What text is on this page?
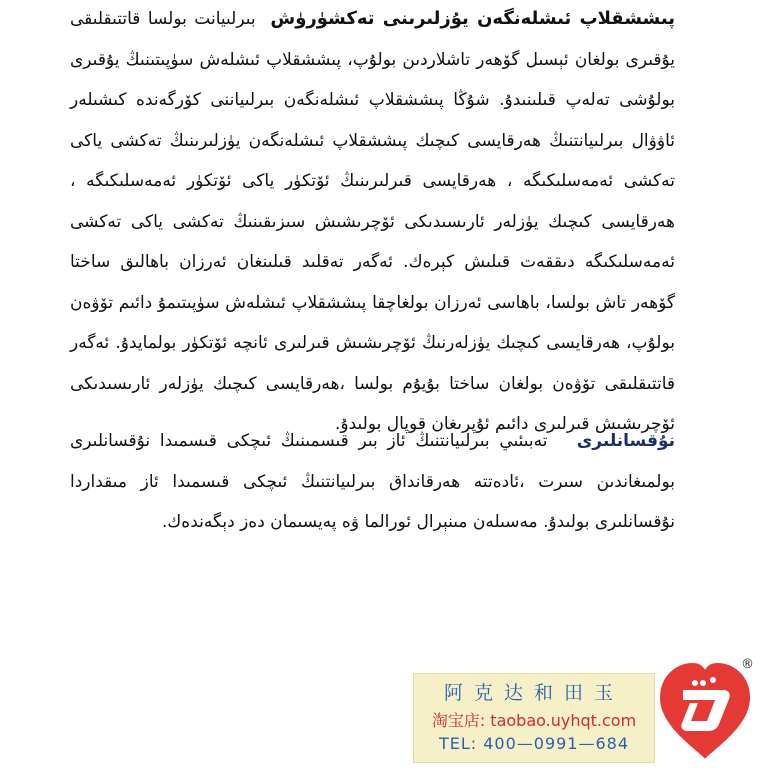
پىششقلاپ ئىشلەنگەن يۇزلىرىنى تەكشۈرۈش  بىرلىيانت بولسا قاتتىقلىقى يۇقىرى بولغان ئېسىل گۆھەر تاشلاردىن بولۇپ، پىششقلاپ ئىشلەش سۈپىتىنىڭ يۇقىرى بولۇشى تەلەپ قىلىنىدۇ. شۇڭا پىششقلاپ ئىشلەنگەن بىرلىياننى كۆرگەندە كىشىلەر ئاۋۋال بىرلىيانتنىڭ ھەرقايسى كىچىك پىششقلاپ ئىشلەنگەن يۈزلىرىنىڭ تەكشى ياكى تەكشى ئەمەسلىكىگە ، ھەرقايسى قىرلىرىنىڭ ئۆتكۈر ياكى ئۆتكۈر ئەمەسلىكىگە ، ھەرقايسى كىچىك يۈزلەر ئارىسىدىكى ئۆچرىشىش سىزىقىنىڭ تەكشى ياكى تەكشى ئەمەسلىكىگە دىققەت قىلىش كېرەك. ئەگەر تەقلىد قىلىنغان ئەرزان باھالىق ساختا گۆھەر تاش بولسا، باھاسى ئەرزان بولغاچقا پىششقلاپ ئىشلەش سۈپىتىمۇ دائىم تۆۋەن بولۇپ، ھەرقايسى كىچىك يۈزلەرنىڭ ئۆچرىشىش قىرلىرى ئانچە ئۆتكۈر بولمايدۇ. ئەگەر قاتتىقلىقى تۆۋەن بولغان ساختا بۇيۇم بولسا ،ھەرقايسى كىچىك يۈزلەر ئارىسىدىكى ئۆچرىشىش قىرلىرى دائىم ئۇپرىغان قوپال بولىدۇ.
نۇقسانلىرى   تەبىئىي بىرلىيانتنىڭ ئاز بىر قىسمىنىڭ ئىچكى قىسمىدا نۇقسانلىرى بولمىغاندىن سىرت ،ئادەتتە ھەرقانداق بىرلىيانتنىڭ ئىچكى قىسمىدا ئاز مىقداردا نۇقسانلىرى بولىدۇ. مەسىلەن مىنېرال ئورالما ۋە پەيسىمان دەز دېگەندەك.
阿克达和田玉
淘宝店: taobao.uyhqt.com
TEL: 400—0991—684
®
